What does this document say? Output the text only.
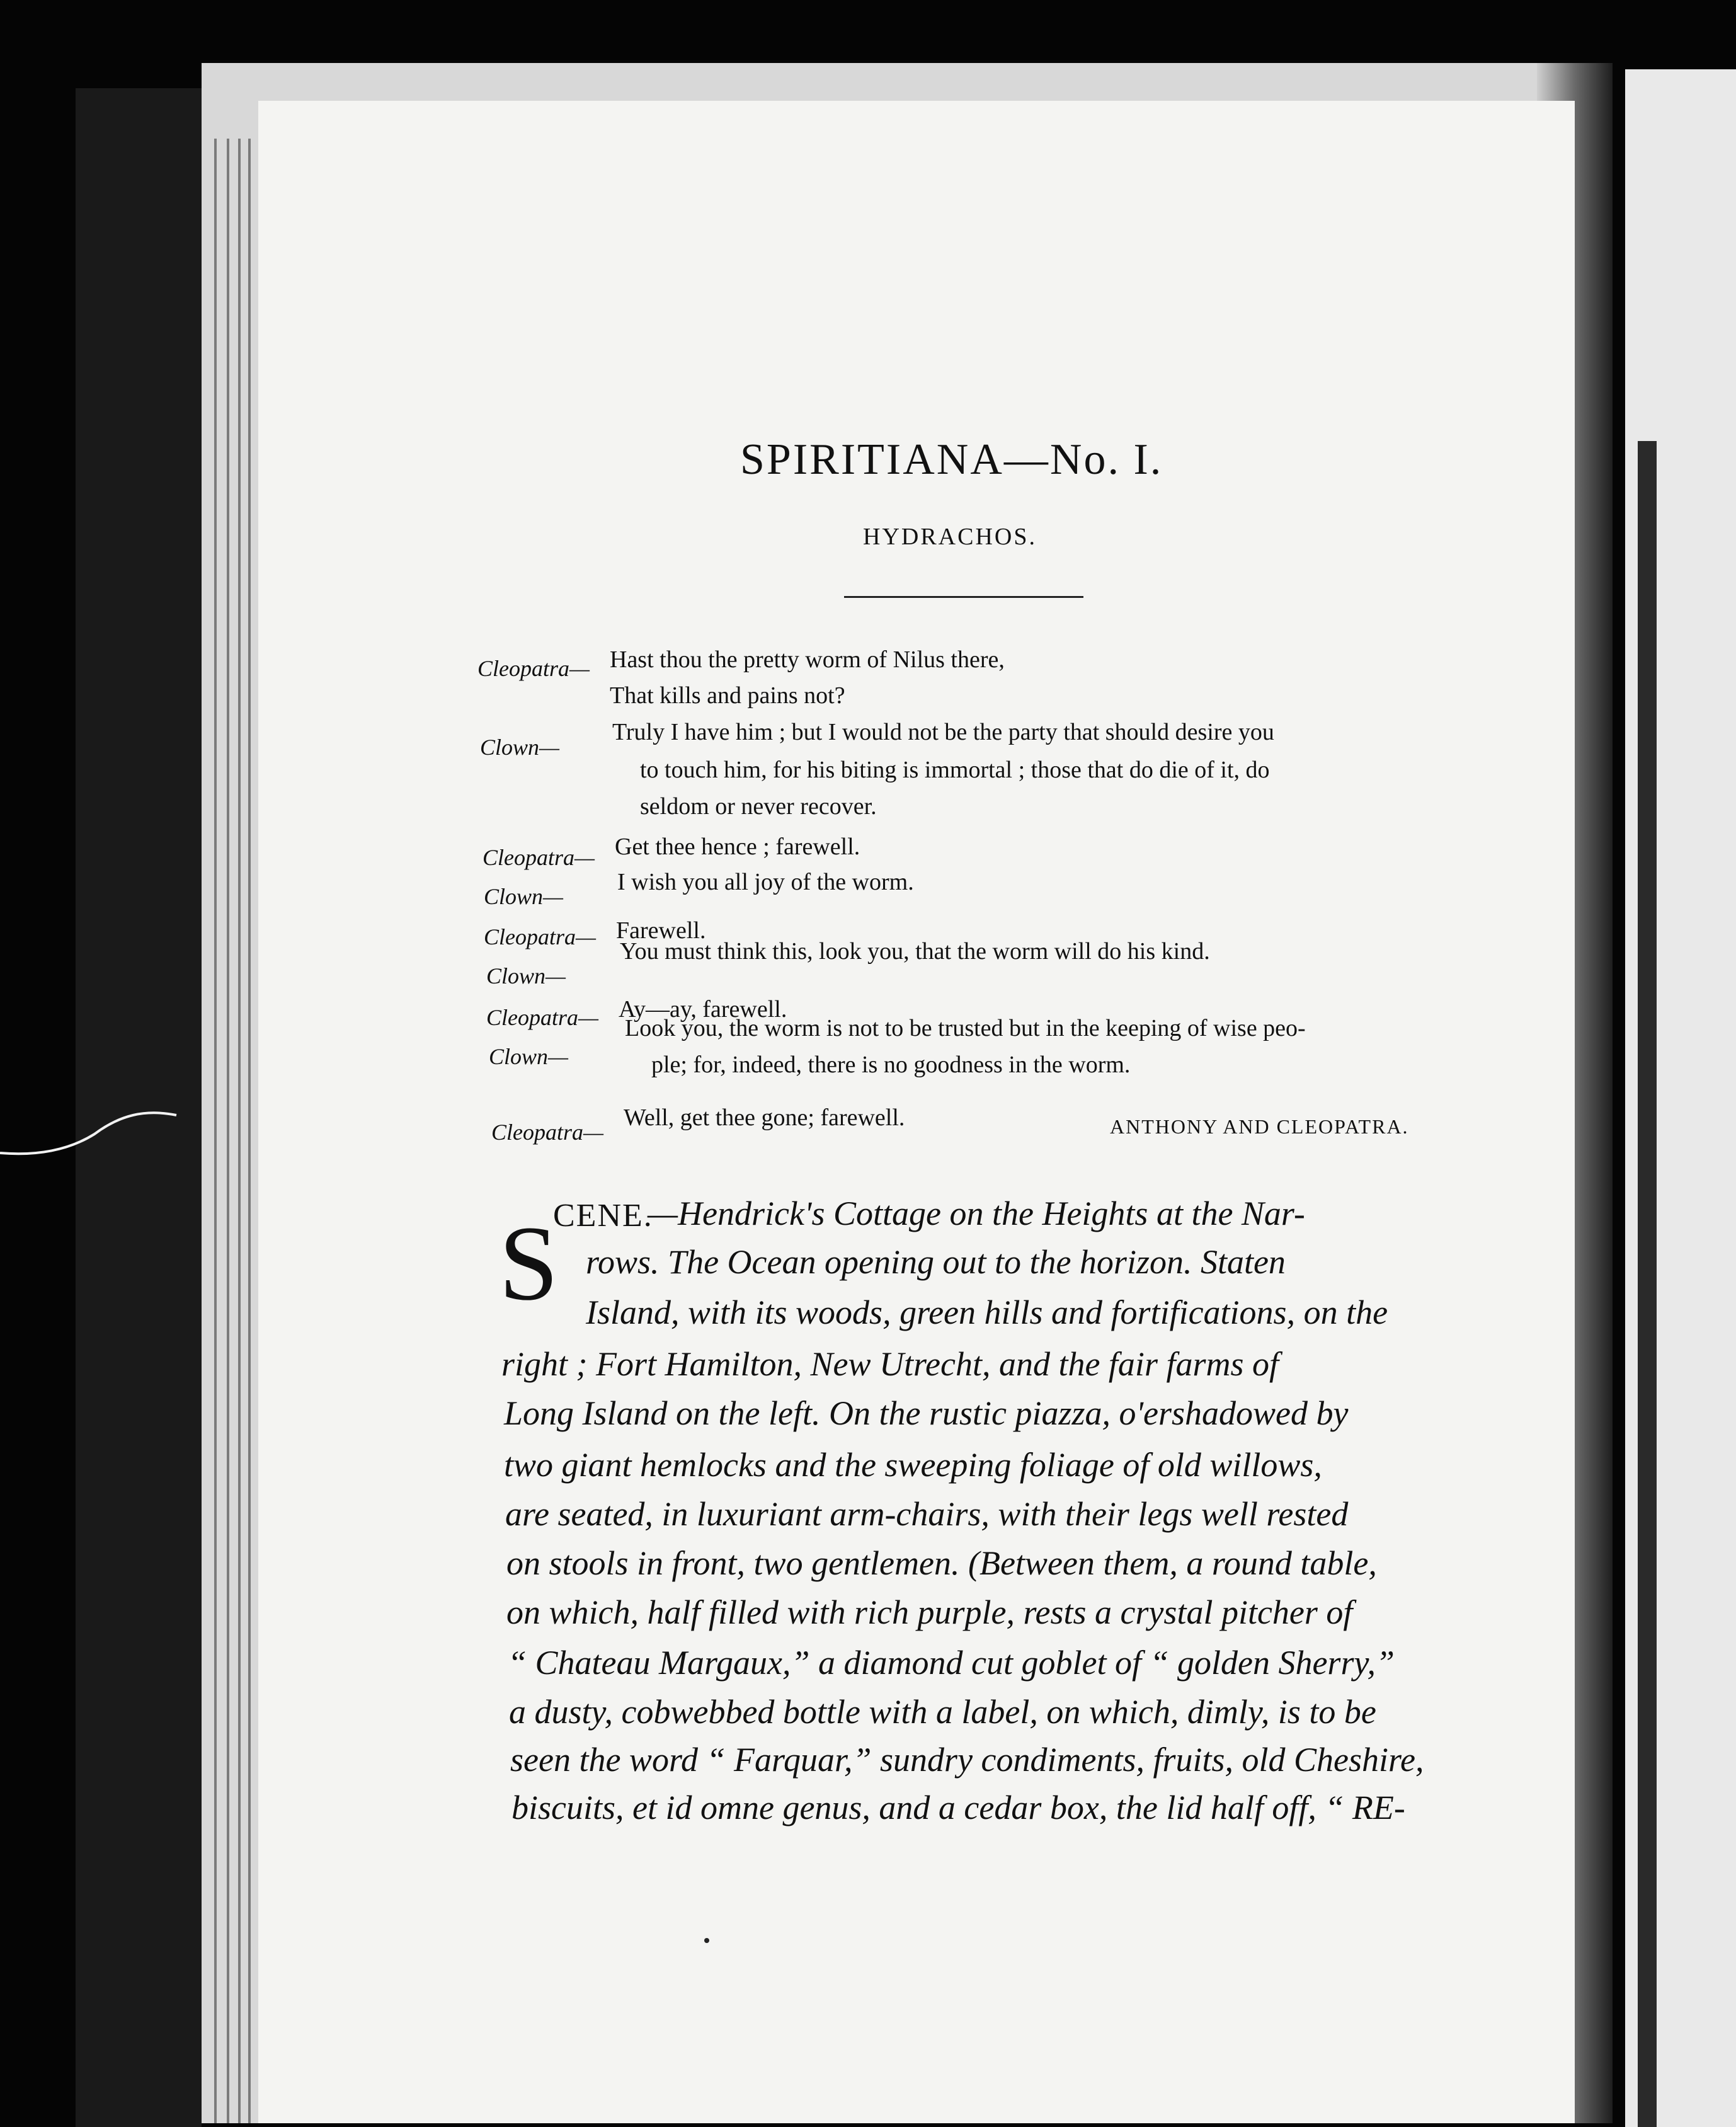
SPIRITIANA—No. I.
HYDRACHOS.
Cleopatra— Hast thou the pretty worm of Nilus there,
That kills and pains not?
Clown—
Truly I have him ; but I would not be the party that should desire you
to touch him, for his biting is immortal ; those that do die of it, do
seldom or never recover.
Cleopatra— Get thee hence ; farewell.
Clown—
I wish you all joy of the worm.
Cleopatra— Farewell.
Clown—
You must think this, look you, that the worm will do his kind.
Cleopatra— Ay—ay, farewell.
Clown—
Look you, the worm is not to be trusted but in the keeping of wise peo-
ple; for, indeed, there is no goodness in the worm.
Cleopatra—
Well, get thee gone; farewell.	ANTHONY AND CLEOPATRA.
S
CENE.
—Hendrick's Cottage on the Heights at the Nar-
rows. The Ocean opening out to the horizon. Staten
Island, with its woods, green hills and fortifications, on the
right ; Fort Hamilton, New Utrecht, and the fair farms of
Long Island on the left. On the rustic piazza, o'ershadowed by
two giant hemlocks and the sweeping foliage of old willows,
are seated, in luxuriant arm-chairs, with their legs well rested
on stools in front, two gentlemen. (Between them, a round table,
on which, half filled with rich purple, rests a crystal pitcher of
“ Chateau Margaux,” a diamond cut goblet of “ golden Sherry,”
a dusty, cobwebbed bottle with a label, on which, dimly, is to be
seen the word “ Farquar,” sundry condiments, fruits, old Cheshire,
biscuits, et id omne genus, and a cedar box, the lid half off, “ RE-
